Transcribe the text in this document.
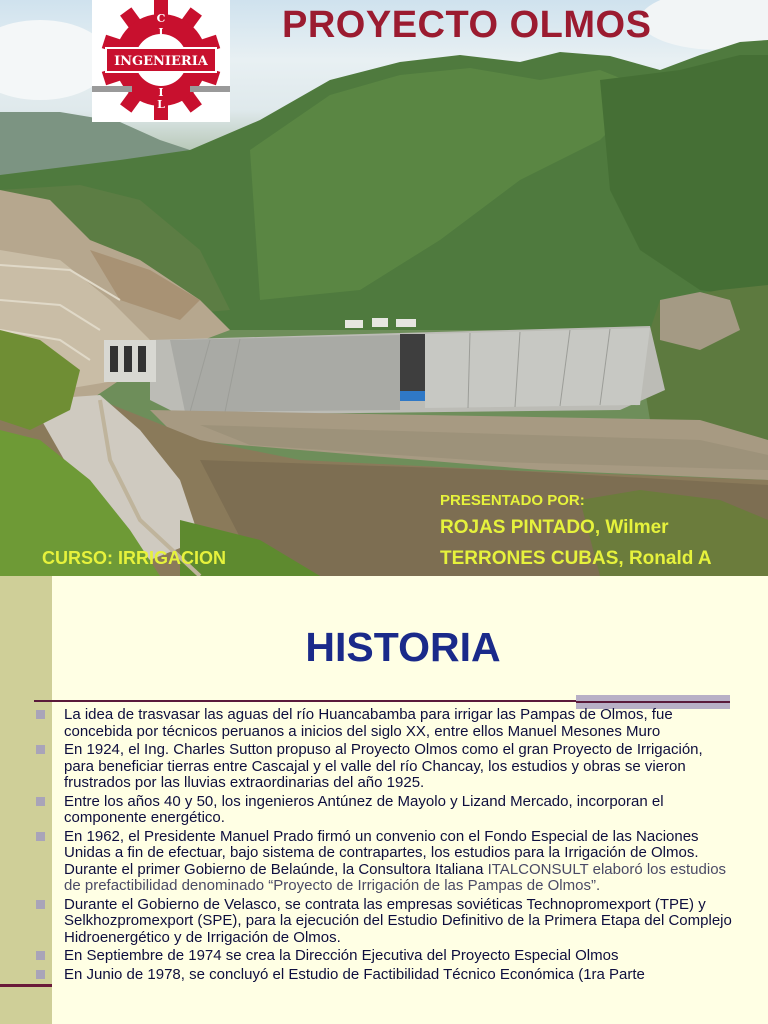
INGENIERIA
C
I
V
I
L
PROYECTO OLMOS
PRESENTADO POR:
ROJAS PINTADO, Wilmer
TERRONES CUBAS, Ronald A
CURSO: IRRIGACION
HISTORIA
La idea de trasvasar las aguas del río Huancabamba para irrigar las Pampas de Olmos, fue concebida por técnicos peruanos a inicios del siglo XX, entre ellos Manuel Mesones Muro
En 1924, el Ing. Charles Sutton propuso al Proyecto Olmos como el gran Proyecto de Irrigación, para beneficiar tierras entre Cascajal y el valle del río Chancay, los estudios y obras se vieron frustrados por las lluvias extraordinarias del año 1925.
Entre los años 40 y 50, los ingenieros Antúnez de Mayolo y Lizand Mercado, incorporan el componente energético.
En 1962, el Presidente Manuel Prado firmó un convenio con el Fondo Especial de las Naciones Unidas a fin de efectuar, bajo sistema de contrapartes, los estudios para la Irrigación de Olmos. Durante el primer Gobierno de Belaúnde, la Consultora Italiana ITALCONSULT elaboró los estudios de prefactibilidad denominado “Proyecto de Irrigación de las Pampas de Olmos”.
Durante el Gobierno de Velasco, se contrata las empresas soviéticas Technopromexport (TPE) y Selkhozpromexport (SPE), para la ejecución del Estudio Definitivo de la Primera Etapa del Complejo Hidroenergético y de Irrigación de Olmos.
En Septiembre de 1974 se crea la Dirección Ejecutiva del Proyecto Especial Olmos
En Junio de 1978, se concluyó el Estudio de Factibilidad Técnico Económica (1ra Parte
